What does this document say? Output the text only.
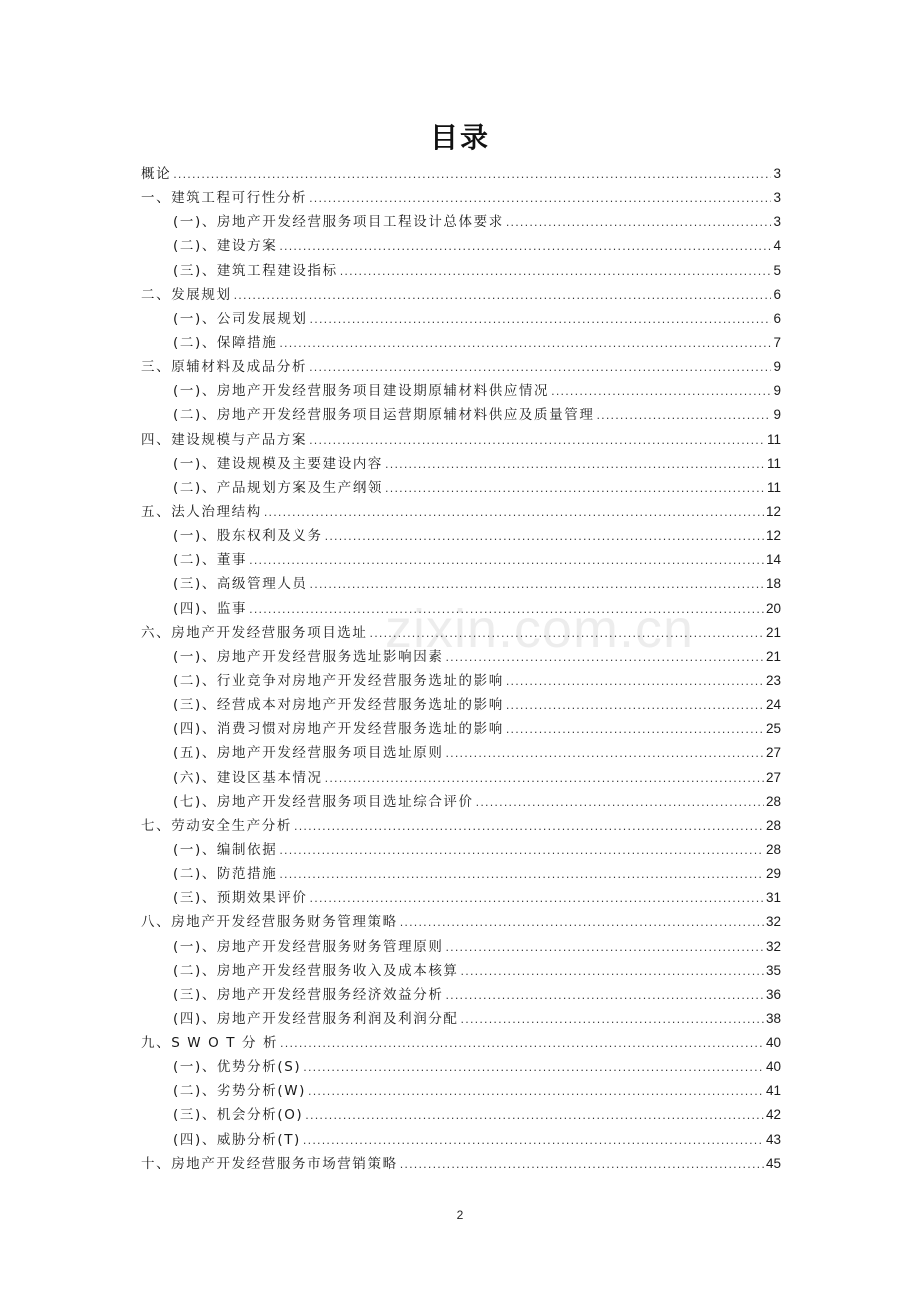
目录
概论 .....	3
一、建筑工程可行性分析 .....	3
(一)、房地产开发经营服务项目工程设计总体要求 .....	3
(二)、建设方案 .....	4
(三)、建筑工程建设指标 .....	5
二、发展规划 .....	6
(一)、公司发展规划 .....	6
(二)、保障措施 .....	7
三、原辅材料及成品分析 .....	9
(一)、房地产开发经营服务项目建设期原辅材料供应情况 .....	9
(二)、房地产开发经营服务项目运营期原辅材料供应及质量管理 .....	9
四、建设规模与产品方案 .....	11
(一)、建设规模及主要建设内容 .....	11
(二)、产品规划方案及生产纲领 .....	11
五、法人治理结构 .....	12
(一)、股东权利及义务 .....	12
(二)、董事 .....	14
(三)、高级管理人员 .....	18
(四)、监事 .....	20
六、房地产开发经营服务项目选址 .....	21
(一)、房地产开发经营服务选址影响因素 .....	21
(二)、行业竞争对房地产开发经营服务选址的影响 .....	23
(三)、经营成本对房地产开发经营服务选址的影响 .....	24
(四)、消费习惯对房地产开发经营服务选址的影响 .....	25
(五)、房地产开发经营服务项目选址原则 .....	27
(六)、建设区基本情况 .....	27
(七)、房地产开发经营服务项目选址综合评价 .....	28
七、劳动安全生产分析 .....	28
(一)、编制依据 .....	28
(二)、防范措施 .....	29
(三)、预期效果评价 .....	31
八、房地产开发经营服务财务管理策略 .....	32
(一)、房地产开发经营服务财务管理原则 .....	32
(二)、房地产开发经营服务收入及成本核算 .....	35
(三)、房地产开发经营服务经济效益分析 .....	36
(四)、房地产开发经营服务利润及利润分配 .....	38
九、S W O T 分 析 .....	40
(一)、优势分析(S) .....	40
(二)、劣势分析(W) .....	41
(三)、机会分析(O) .....	42
(四)、威胁分析(T) .....	43
十、房地产开发经营服务市场营销策略 .....	45
zixin.com.cn
2
